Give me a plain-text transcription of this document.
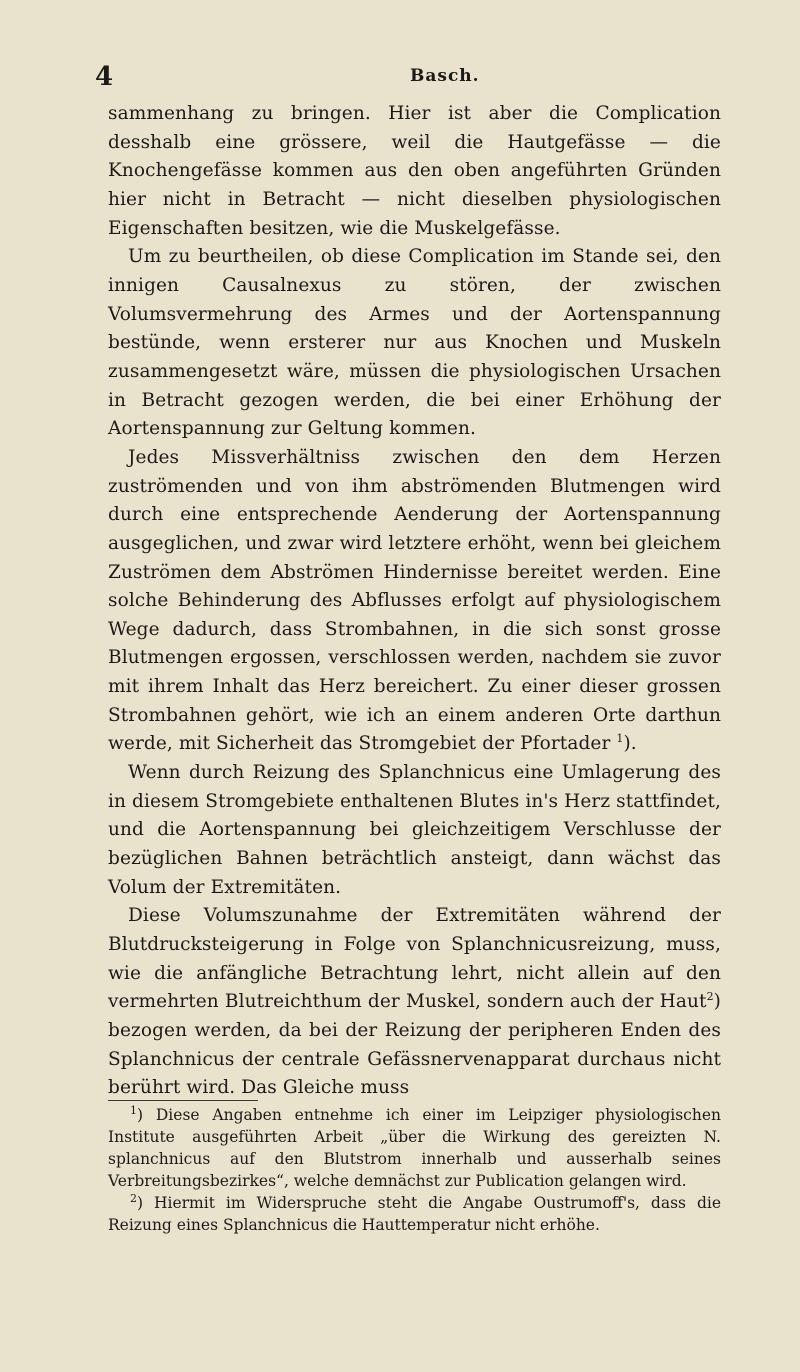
4	Basch.

sammenhang zu bringen. Hier ist aber die Complication desshalb eine grössere, weil die Hautgefässe — die Knochengefässe kommen aus den oben angeführten Gründen hier nicht in Betracht — nicht dieselben physiologischen Eigenschaften besitzen, wie die Muskelgefässe.

Um zu beurtheilen, ob diese Complication im Stande sei, den innigen Causalnexus zu stören, der zwischen Volumsvermehrung des Armes und der Aortenspannung bestünde, wenn ersterer nur aus Knochen und Muskeln zusammengesetzt wäre, müssen die physiologischen Ursachen in Betracht gezogen werden, die bei einer Erhöhung der Aortenspannung zur Geltung kommen.

Jedes Missverhältniss zwischen den dem Herzen zuströmenden und von ihm abströmenden Blutmengen wird durch eine entsprechende Aenderung der Aortenspannung ausgeglichen, und zwar wird letztere erhöht, wenn bei gleichem Zuströmen dem Abströmen Hindernisse bereitet werden. Eine solche Behinderung des Abflusses erfolgt auf physiologischem Wege dadurch, dass Strombahnen, in die sich sonst grosse Blutmengen ergossen, verschlossen werden, nachdem sie zuvor mit ihrem Inhalt das Herz bereichert. Zu einer dieser grossen Strombahnen gehört, wie ich an einem anderen Orte darthun werde, mit Sicherheit das Stromgebiet der Pfortader $^1$).

Wenn durch Reizung des Splanchnicus eine Umlagerung des in diesem Stromgebiete enthaltenen Blutes in's Herz stattfindet, und die Aortenspannung bei gleichzeitigem Verschlusse der bezüglichen Bahnen beträchtlich ansteigt, dann wächst das Volum der Extremitäten.

Diese Volumszunahme der Extremitäten während der Blutdrucksteigerung in Folge von Splanchnicusreizung, muss, wie die anfängliche Betrachtung lehrt, nicht allein auf den vermehrten Blutreichthum der Muskel, sondern auch der Haut$^2$) bezogen werden, da bei der Reizung der peripheren Enden des Splanchnicus der centrale Gefässnervenapparat durchaus nicht berührt wird. Das Gleiche muss

$^1$) Diese Angaben entnehme ich einer im Leipziger physiologischen Institute ausgeführten Arbeit „über die Wirkung des gereizten N. splanchnicus auf den Blutstrom innerhalb und ausserhalb seines Verbreitungsbezirkes“, welche demnächst zur Publication gelangen wird.

$^2$) Hiermit im Widerspruche steht die Angabe Oustrumoff's, dass die Reizung eines Splanchnicus die Hauttemperatur nicht erhöhe.
